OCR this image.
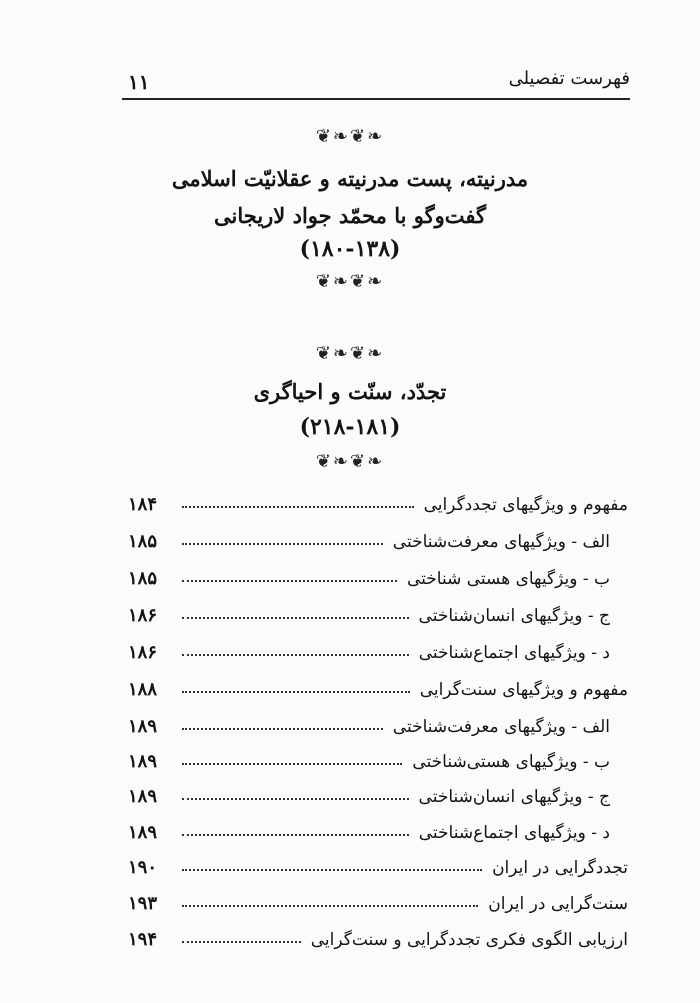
فهرست تفصیلی
۱۱
❦❧❦❧
مدرنیته، پست مدرنیته و عقلانیّت اسلامی
گفت‌وگو با محمّد جواد لاریجانی
(۱۸۰-۱۳۸)
❦❧❦❧
❦❧❦❧
تجدّد، سنّت و احیاگری
(۲۱۸-۱۸۱)
❦❧❦❧
مفهوم و ویژگیهای تجددگرایی
۱۸۴
الف - ویژگیهای معرفت‌شناختی
۱۸۵
ب - ویژگیهای هستی شناختی
۱۸۵
ج - ویژگیهای انسان‌شناختی
۱۸۶
د - ویژگیهای اجتماع‌شناختی
۱۸۶
مفهوم و ویژگیهای سنت‌گرایی
۱۸۸
الف - ویژگیهای معرفت‌شناختی
۱۸۹
ب - ویژگیهای هستی‌شناختی
۱۸۹
ج - ویژگیهای انسان‌شناختی
۱۸۹
د - ویژگیهای اجتماع‌شناختی
۱۸۹
تجددگرایی در ایران
۱۹۰
سنت‌گرایی در ایران
۱۹۳
ارزیابی الگوی فکری تجددگرایی و سنت‌گرایی
۱۹۴
